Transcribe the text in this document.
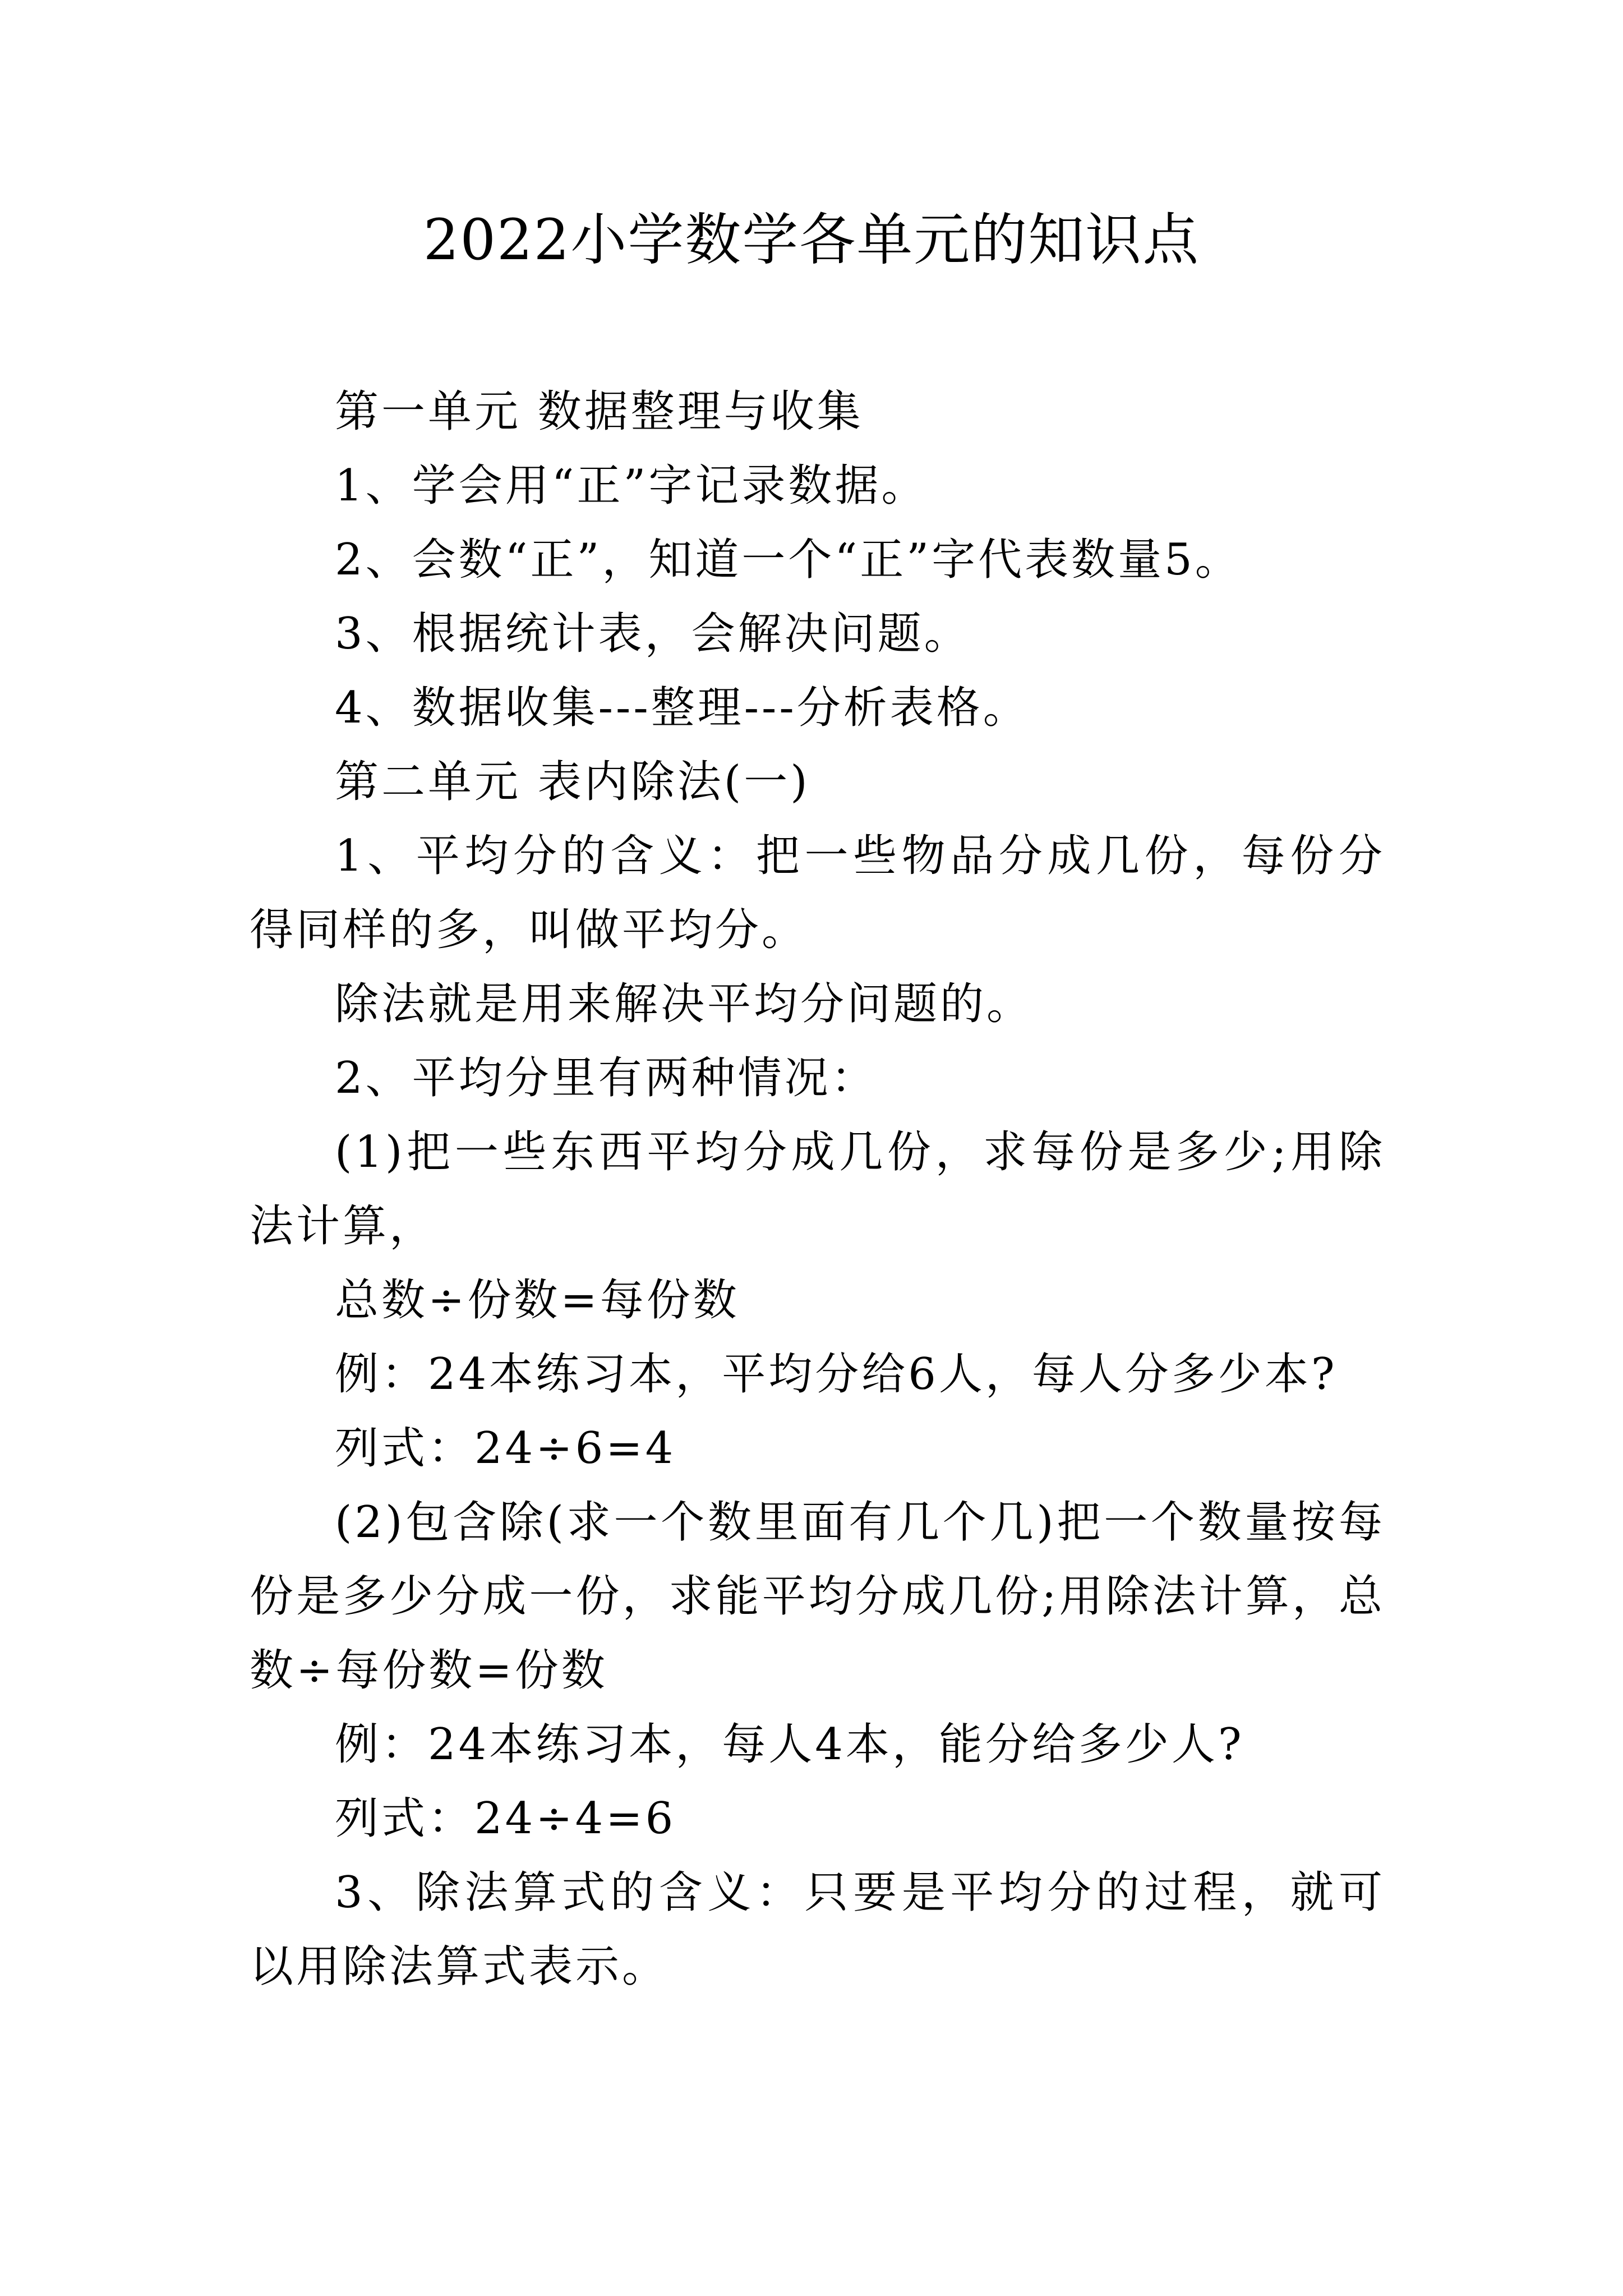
2022小学数学各单元的知识点

第一单元 数据整理与收集

1、学会用“正”字记录数据。

2、会数“正”，知道一个“正”字代表数量5。

3、根据统计表，会解决问题。

4、数据收集---整理---分析表格。

第二单元 表内除法(一)

1、平均分的含义：把一些物品分成几份，每份分得同样的多，叫做平均分。

除法就是用来解决平均分问题的。

2、平均分里有两种情况：

(1)把一些东西平均分成几份，求每份是多少;用除法计算，

总数÷份数=每份数

例：24本练习本，平均分给6人，每人分多少本?

列式：24÷6=4

(2)包含除(求一个数里面有几个几)把一个数量按每份是多少分成一份，求能平均分成几份;用除法计算，总数÷每份数=份数

例：24本练习本，每人4本，能分给多少人?

列式：24÷4=6

3、除法算式的含义：只要是平均分的过程，就可以用除法算式表示。
